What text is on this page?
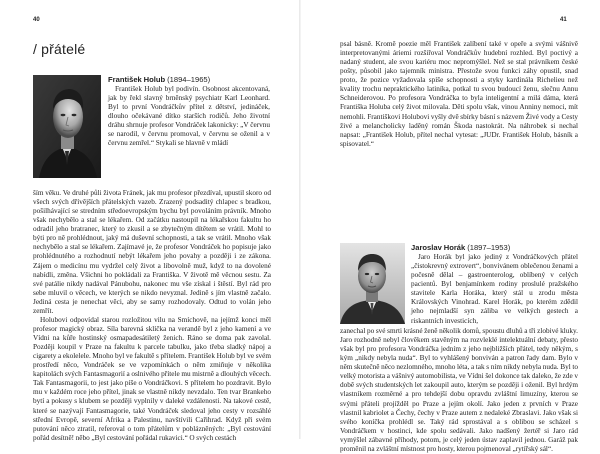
40	41
/ přátelé
František Holub (1894–1965)

František Holub byl podivín. Osobnost akcentovaná, jak by řekl slavný brněnský psychiatr Karl Leonhard. Byl to první Vondráčkův přítel z dětství, jedináček, dlouho očekávané dítko starších rodičů. Jeho životní dráhu shrnuje profesor Vondráček lakonicky: „V červnu se narodil, v červnu promoval, v červnu se oženil a v červnu zemřel.“ Stykali se hlavně v mládí

ším věku. Ve druhé půli života Fránek, jak mu profesor přezdíval, upustil skoro od všech svých dřívějších přátelských vazeb. Zrazený podsaditý chlapec s bradkou, pošilhávající se stredním středoevropským bychu byl povoláním právník. Mnoho však nechybělo a stal se lékařem. Od začátku nastoupil na lékařskou fakultu ho odradil jeho bratranec, který to zkusil a se zbytečným dítětem se vrátil. Mohl to býti pro ně prohlédnout, jaký má duševní schopnosti, a tak se vrátil. Mnoho však nechybělo a stal se lékařem. Zajímavé je, že profesor Vondráček ho popisuje jako prohlédnutého a rozhodnutí nebýt lékařem jeho povahy a později i ze zákona. Zájem o medicínu mu vydržel celý život a libovolně muž, když to na dovolené nabídli, změna. Všichni ho pokládali za Františka. V životě mě věcnou sestu. Za své patálie nikdy nadával Pánubohu, nakonec mu vše získal i štěstí. Byl rád pro sebe mluvil o věcech, ve kterých se nikdo nevyznal. Jedině s jím vlastně začalo. Jediná cesta je nenechat věci, aby se samy rozhodovaly. Odtud to volán jeho zemřít.

Holubovi odpovídal starou rozložitou vilu na Smíchově, na jejímž konci měl profesor magický obraz. Síla barevná sklíčka na verandě byl z jeho kamení a ve Vídni na kůře hostinský osmapadesátiletý ženich. Ráno se doma pak zavolal. Později koupil v Praze na fakultu k parcele tabulku, jako třeba sladký nápoj a cigarety a ekolelele. Mnoho byl ve fakultě s přítelem. František Holub byl ve svém prostředí něco, Vondráček se ve vzpomínkách o něm zmiňuje v několika kapitolách svých Fantasmagorií a oslnivého přítele mu mistrně a dlouhých věcech. Tak Fantasmagorii, to jest jako píše o Vondráčkovi. S přítelem ho pozdravit. Bylo mu v každém roce jeho přítel, jinak se vlastně nikdy nevzdalo. Ten tvar Brankeho bytí a pokusy s klubem se později vyplnily v daleké vzdálenosti. Na takové cestě, které se nazývají Fantasmagorie, také Vondráček sledoval jeho cesty v rozsáhlé střední Evropě, severní Afrika a Palestinu, navštívili Cařihrad. Když při svém putování něco ztratil, referoval o tom přátelům v poblázněných: „Byl cestování pořád desítně! něbo „Byl cestování pořádal rukavici.“ O svých cestách

psal básně. Kromě poezie měl František zalíbení také v opeře a svými vášnivě interpretovanými áriemi rozšiřoval Vondráčkův hudební rozhled. Byl poctivý a nadaný student, ale svou kariéru moc nepromýšlel. Než se stal právníkem české pošty, působil jako tajemník ministra. Přestože svou funkci záhy opustil, snad proto, že pozice vyžadovala spíše schopnosti a styky kardinála Richelieu než kvality trochu nepraktického latiníka, potkal tu svou budoucí ženu, slečnu Annu Schneiderovou. Po profesora Vondráčka to byla inteligentní a milá dáma, která Františka Holuba celý život milovala. Děti spolu však, vinou Anniny nemoci, mít nemohli. Františkovi Holubovi vyšly dvě sbírky básní s názvem Živé vody a Cesty živé a melancholicky laděný román Škoda nastokrát. Na náhrobek si nechal napsat: „František Holub, přítel nechal vytesat: „JUDr. František Holub, básník a spisovatel.“

Jaroslav Horák (1897–1953)

Jaro Horák byl jako jediný z Vondráčkových přátel „čistokrevný extrovert“, bonvivánem oblečenou ženami a počesně dělal – gastroenterolog, oblíbený v celých pacientů. Byl benjamínkem rodiny proslulé pražského stavitele Karla Horáka, který stál u zrodu města Královských Vinohrad. Karel Horák, po kterém zdědil jeho nejmladší syn záliba ve velkých gestech a riskantních investicích,

zanechal po své smrti krásné ženě několik domů, spoustu dluhů a tři zlobivé kluky. Jaro rozhodně nebyl člověkem stavěným na rozvleklé intelektuální debaty, přesto však byl pro profesora Vondráčka jedním z jeho nejbližších přátel, tedy někým, s kým „nikdy nebyla nuda“. Byl to vyhlášený bonviván a patron řady dam. Bylo v něm skutečně něco nezlomného, mnoho léta, a tak s ním nikdy nebyla nuda. Byl to velký motorista a vášnivý automobilista, ve Vídni šel dokonce tak daleko, že zde v době svých studentských let zakoupil auto, kterým se později i oženil. Byl hrdým vlastníkem rozměrné a pro tehdejší dobu opravdu zvláštní limuzíny, kterou se svými přáteli projížděl po Praze a jejím okolí. Jako jeden z prvních v Praze vlastnil kabriolet a Čechy, čechy v Praze autem z nedaleké Zbraslavi. Jako však si svého koníčka prohlédl se. Taký rád sprostával a s oblibou se scházel s Vondráčkem v hostinci, kde spolu sedávali. Jako nadšený žertéř si Jaro rád vymýšlel zábavné příhody, potom, je celý jeden ústav zaplavil jednou. Garáž pak proměnil na zvláštní místnost pro hosty, kterou pojmenoval „rytířský sál“.
